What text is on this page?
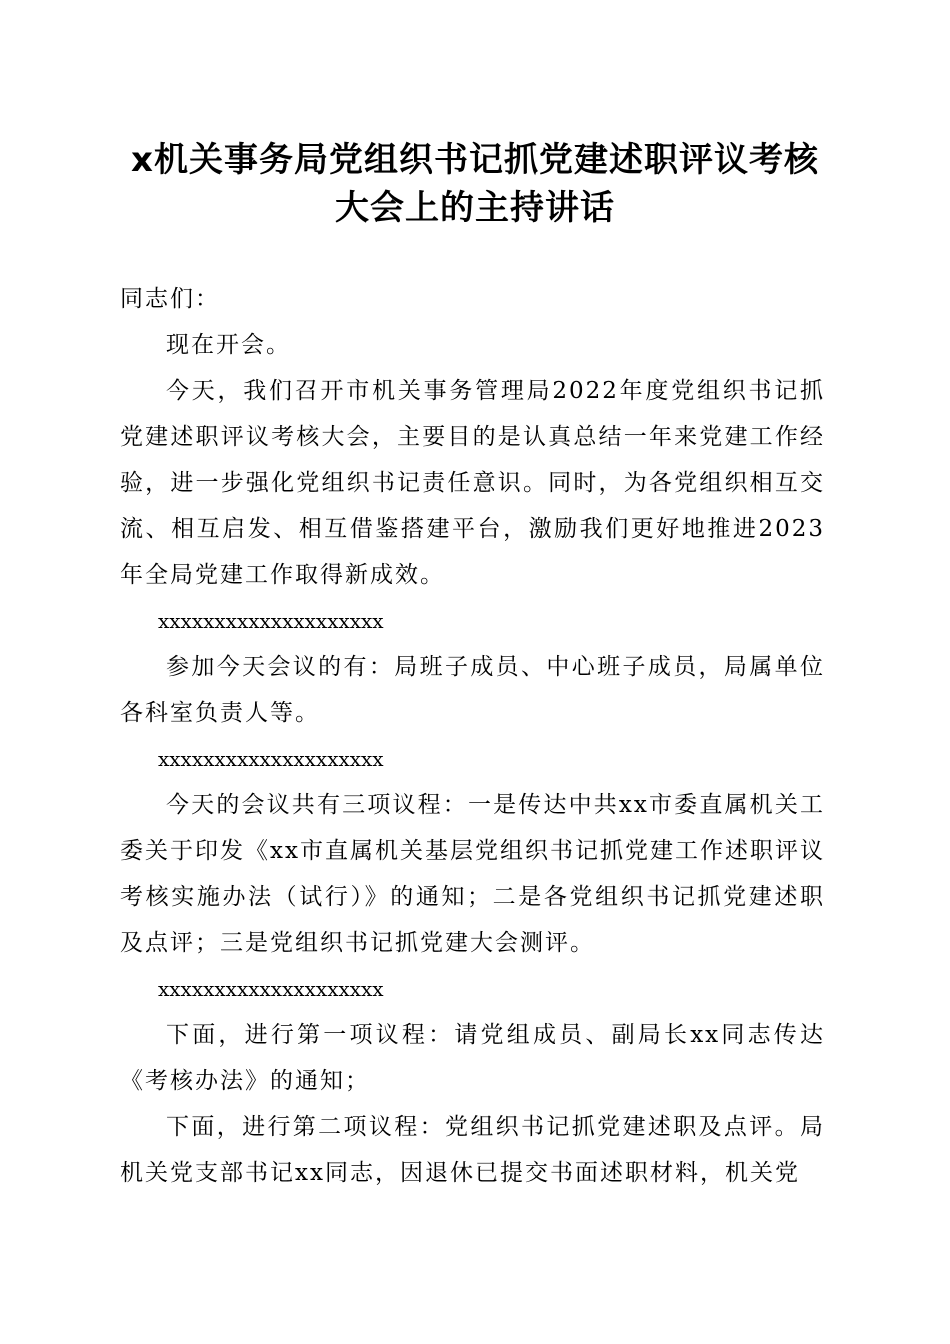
x机关事务局党组织书记抓党建述职评议考核
大会上的主持讲话

同志们：

现在开会。

今天，我们召开市机关事务管理局2022年度党组织书记抓党建述职评议考核大会，主要目的是认真总结一年来党建工作经验，进一步强化党组织书记责任意识。同时，为各党组织相互交流、相互启发、相互借鉴搭建平台，激励我们更好地推进2023年全局党建工作取得新成效。

xxxxxxxxxxxxxxxxxxxx

参加今天会议的有：局班子成员、中心班子成员，局属单位各科室负责人等。

xxxxxxxxxxxxxxxxxxxx

今天的会议共有三项议程：一是传达中共xx市委直属机关工委关于印发《xx市直属机关基层党组织书记抓党建工作述职评议考核实施办法（试行）》的通知；二是各党组织书记抓党建述职及点评；三是党组织书记抓党建大会测评。

xxxxxxxxxxxxxxxxxxxx

下面，进行第一项议程：请党组成员、副局长xx同志传达《考核办法》的通知；

下面，进行第二项议程：党组织书记抓党建述职及点评。局机关党支部书记xx同志，因退休已提交书面述职材料，机关党
